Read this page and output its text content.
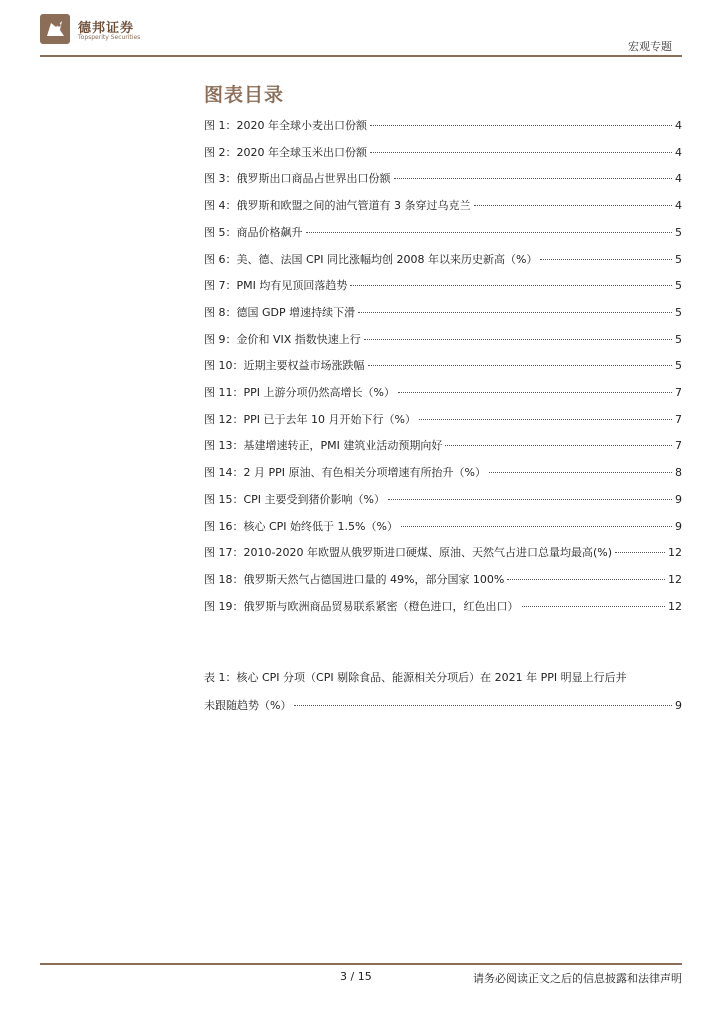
德邦证券
Topsperity Securities
宏观专题
图表目录
图 1：2020 年全球小麦出口份额	4
图 2：2020 年全球玉米出口份额	4
图 3：俄罗斯出口商品占世界出口份额	4
图 4：俄罗斯和欧盟之间的油气管道有 3 条穿过乌克兰	4
图 5：商品价格飙升	5
图 6：美、德、法国 CPI 同比涨幅均创 2008 年以来历史新高（%）	5
图 7：PMI 均有见顶回落趋势	5
图 8：德国 GDP 增速持续下滑	5
图 9：金价和 VIX 指数快速上行	5
图 10：近期主要权益市场涨跌幅	5
图 11：PPI 上游分项仍然高增长（%）	7
图 12：PPI 已于去年 10 月开始下行（%）	7
图 13：基建增速转正，PMI 建筑业活动预期向好	7
图 14：2 月 PPI 原油、有色相关分项增速有所抬升（%）	8
图 15：CPI 主要受到猪价影响（%）	9
图 16：核心 CPI 始终低于 1.5%（%）	9
图 17：2010-2020 年欧盟从俄罗斯进口硬煤、原油、天然气占进口总量均最高(%)	12
图 18：俄罗斯天然气占德国进口量的 49%，部分国家 100%	12
图 19：俄罗斯与欧洲商品贸易联系紧密（橙色进口，红色出口）	12
表 1：核心 CPI 分项（CPI 剔除食品、能源相关分项后）在 2021 年 PPI 明显上行后并
未跟随趋势（%）	9
3 / 15	请务必阅读正文之后的信息披露和法律声明
